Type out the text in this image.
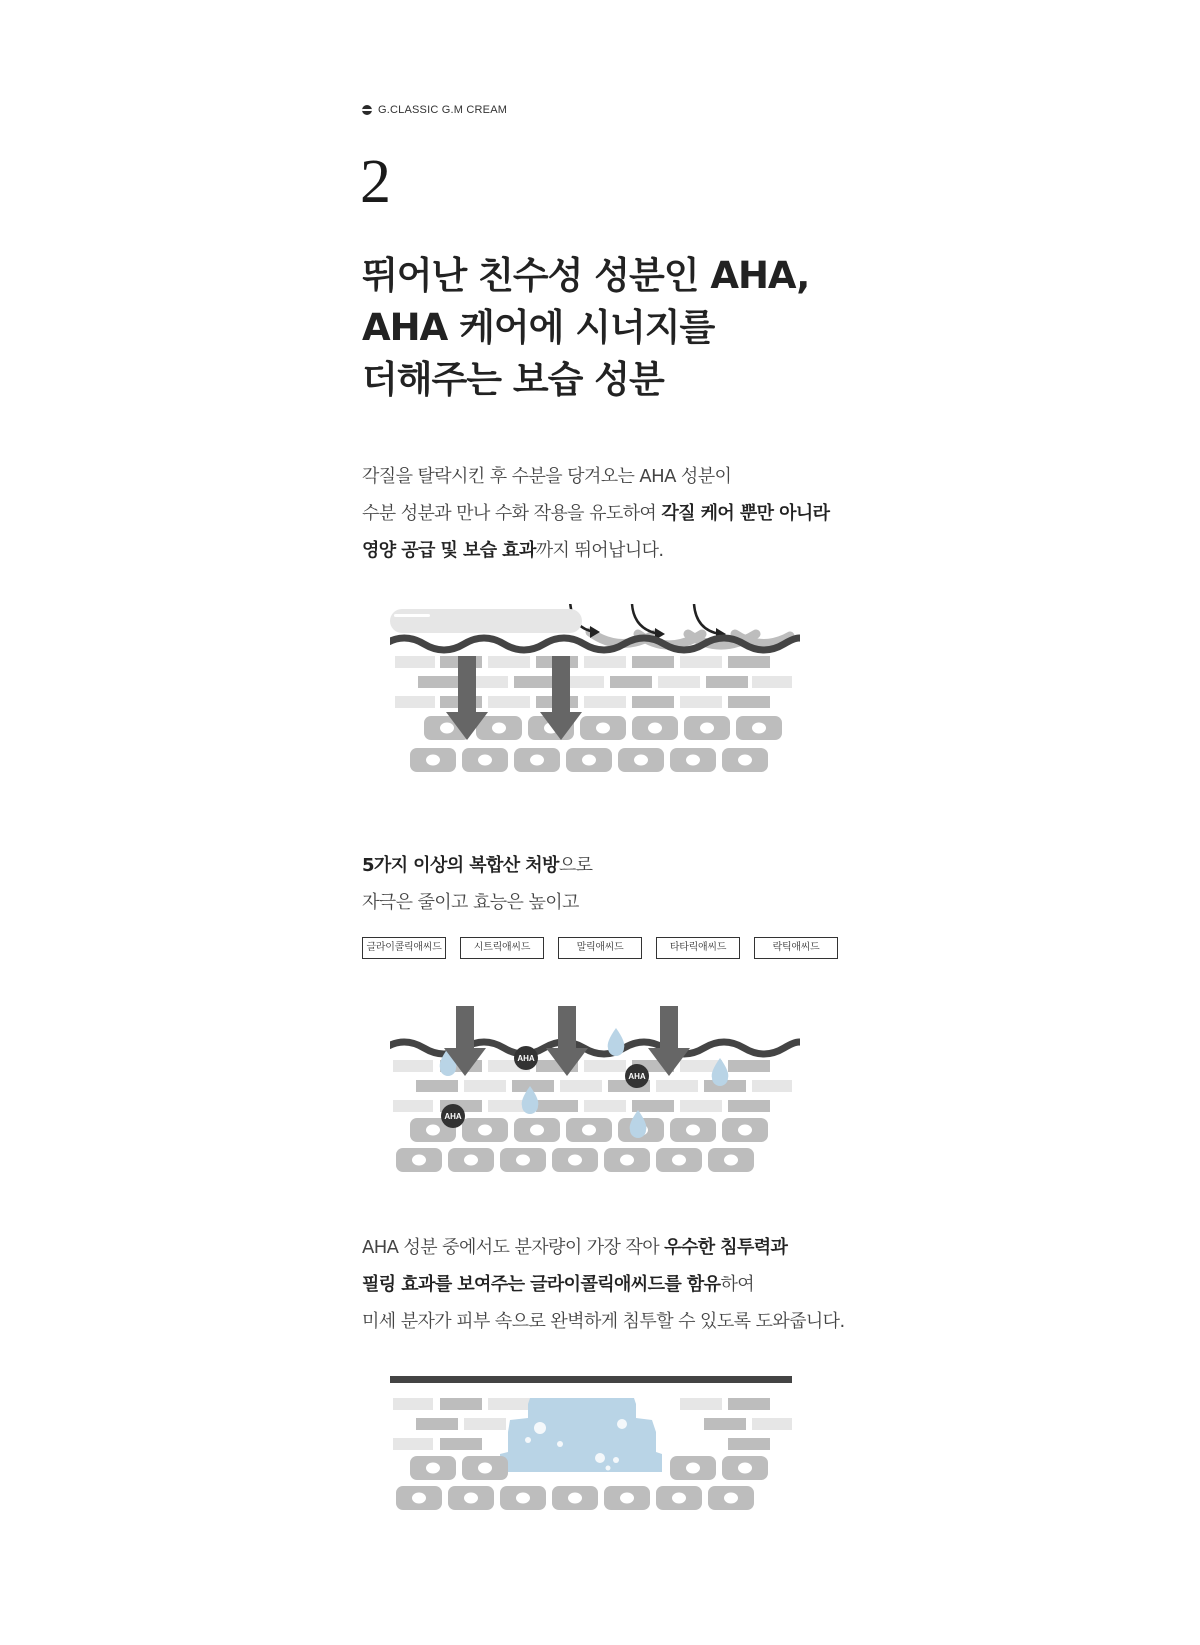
G.CLASSIC G.M CREAM
2
뛰어난 친수성 성분인 AHA,
AHA 케어에 시너지를
더해주는 보습 성분
각질을 탈락시킨 후 수분을 당겨오는 AHA 성분이
수분 성분과 만나 수화 작용을 유도하여 각질 케어 뿐만 아니라
영양 공급 및 보습 효과까지 뛰어납니다.
5가지 이상의 복합산 처방으로
자극은 줄이고 효능은 높이고
글라이콜릭애씨드	시트릭애씨드	말릭애씨드	타타릭애씨드	락틱애씨드
AHA
AHA
AHA
AHA 성분 중에서도 분자량이 가장 작아 우수한 침투력과
필링 효과를 보여주는 글라이콜릭애씨드를 함유하여
미세 분자가 피부 속으로 완벽하게 침투할 수 있도록 도와줍니다.
